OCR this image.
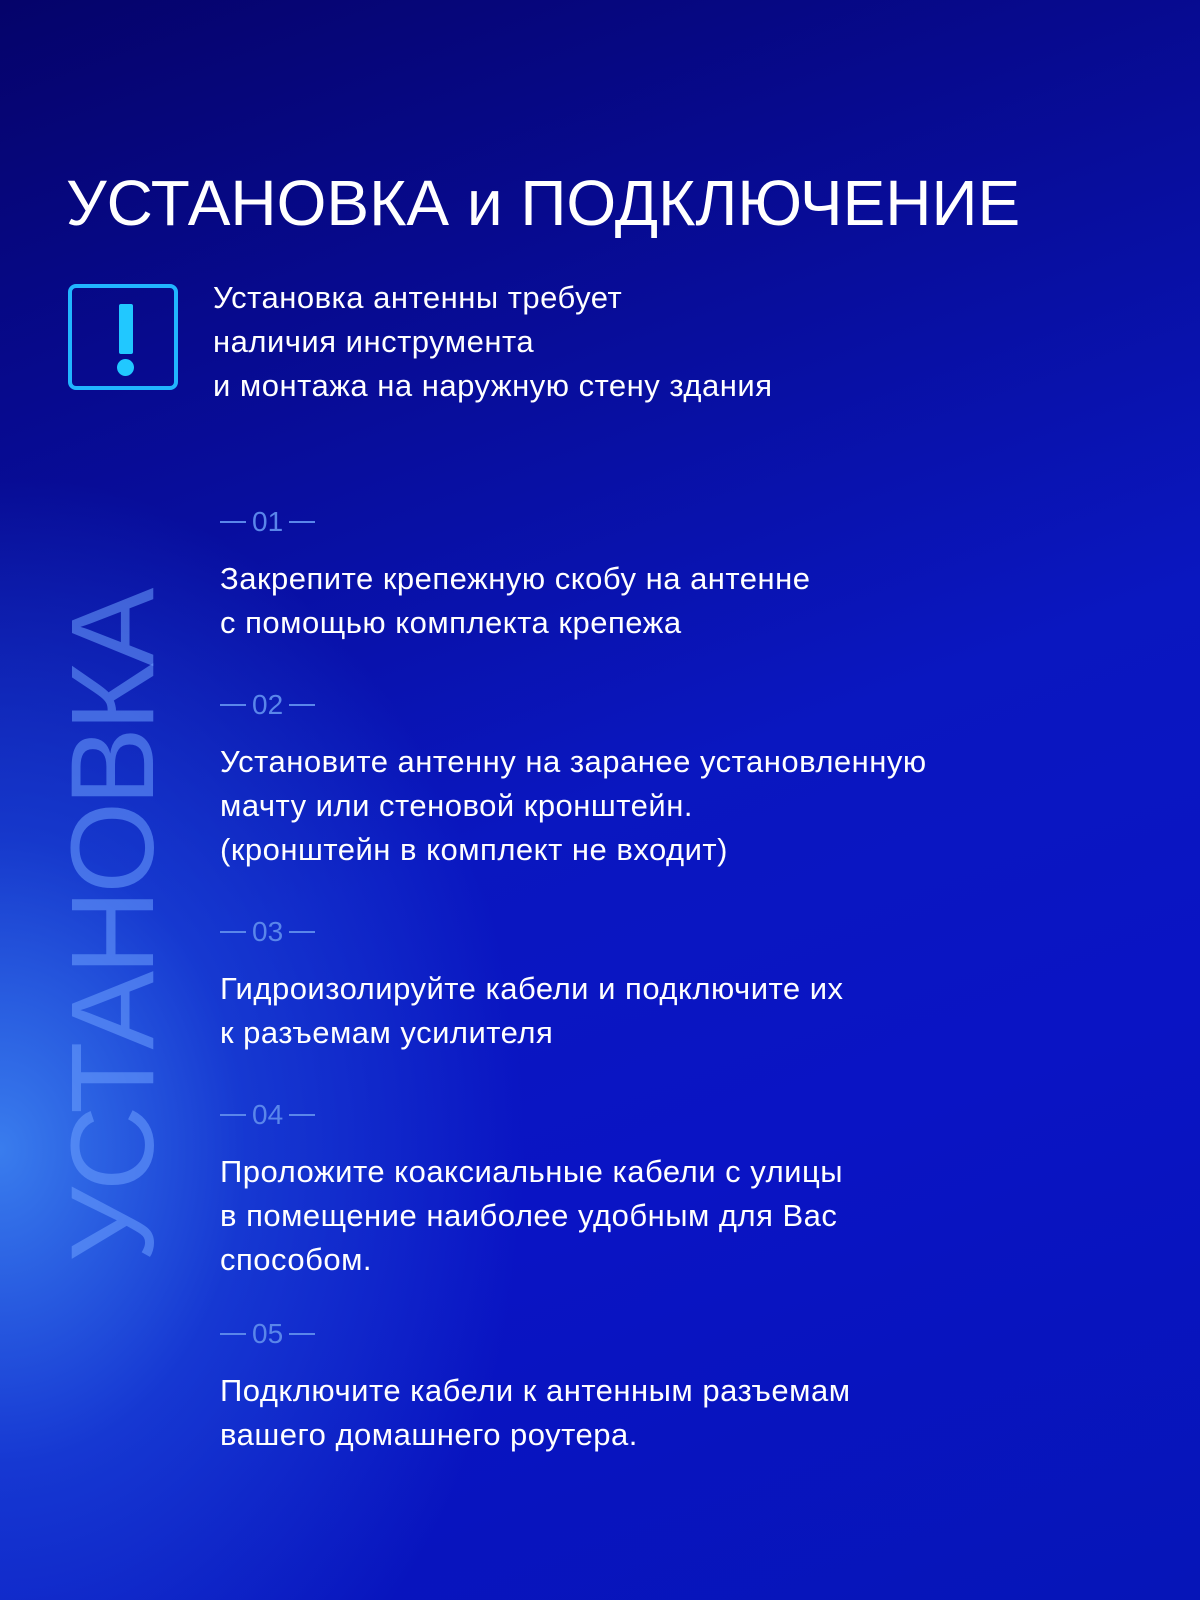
УСТАНОВКА и ПОДКЛЮЧЕНИЕ
Установка антенны требует
наличия инструмента
и монтажа на наружную стену здания
УСТАНОВКА
01
Закрепите крепежную скобу на антенне
с помощью комплекта крепежа
02
Установите антенну на заранее установленную
мачту или стеновой кронштейн.
(кронштейн в комплект не входит)
03
Гидроизолируйте кабели и подключите их
к разъемам усилителя
04
Проложите коаксиальные кабели с улицы
в помещение наиболее удобным для Вас
способом.
05
Подключите кабели к антенным разъемам
вашего домашнего роутера.
